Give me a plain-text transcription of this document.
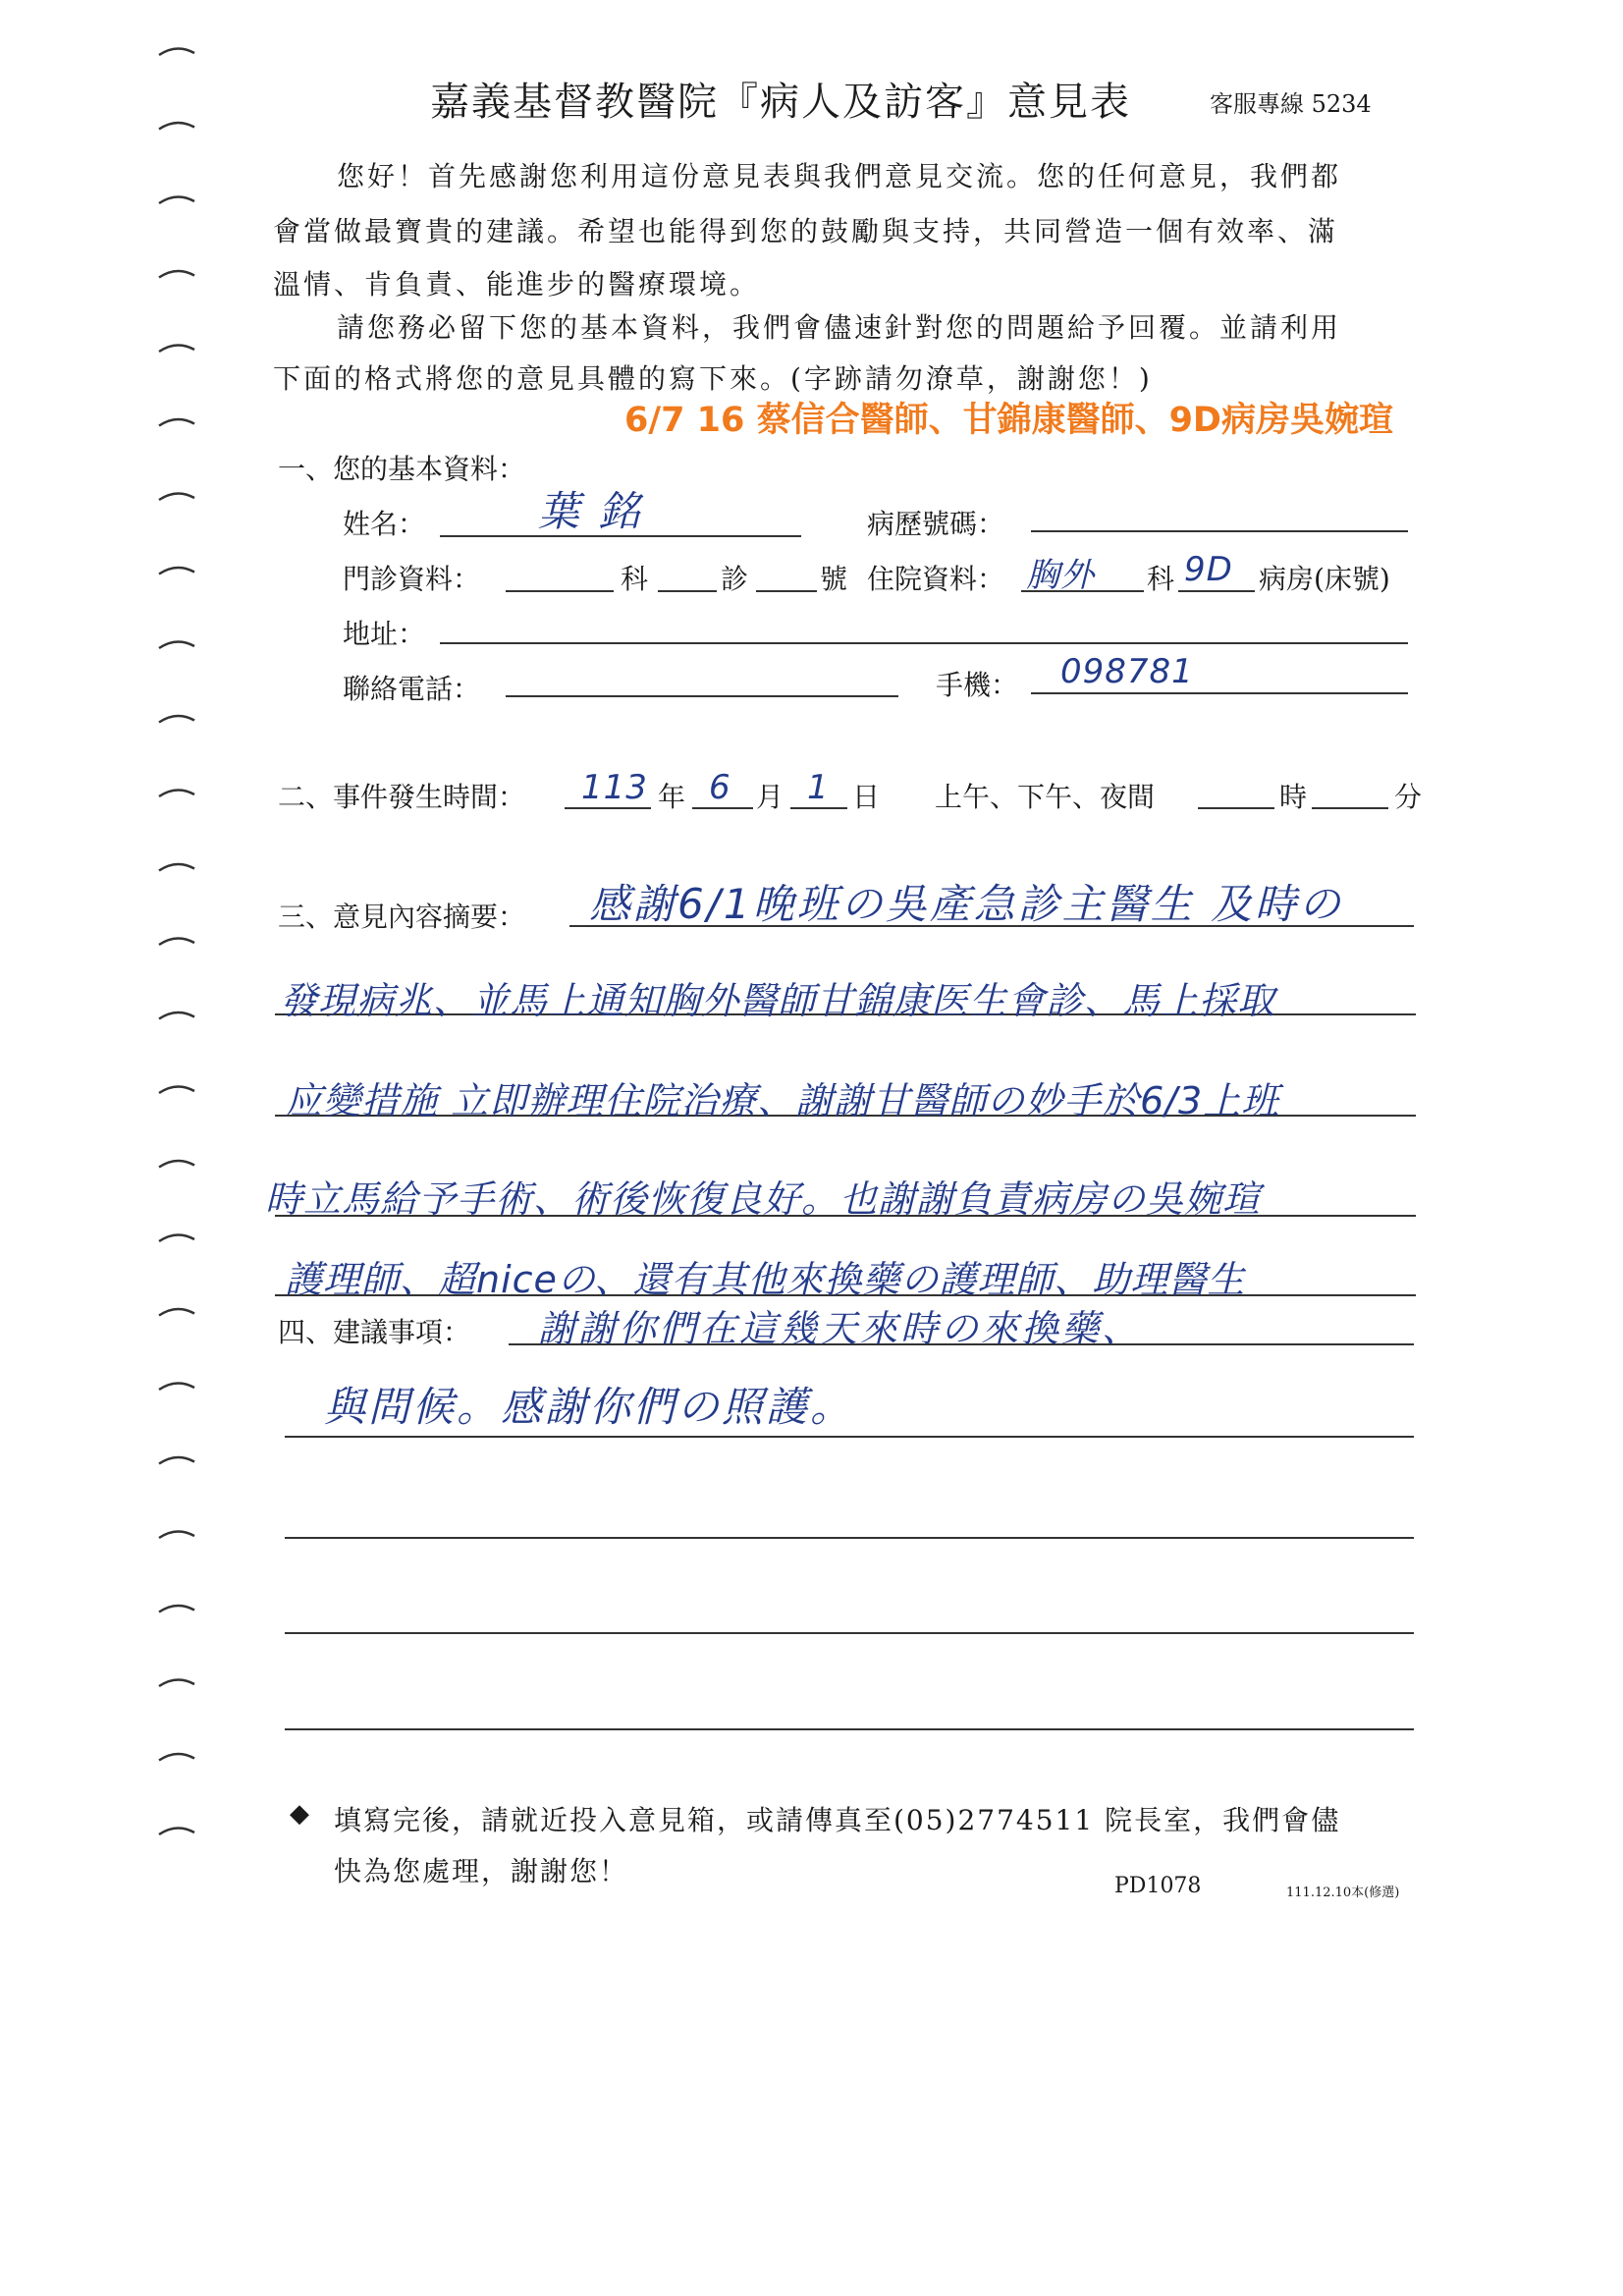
嘉義基督教醫院『病人及訪客』意見表	客服專線 5234
您好！首先感謝您利用這份意見表與我們意見交流。您的任何意見，我們都
會當做最寶貴的建議。希望也能得到您的鼓勵與支持，共同營造一個有效率、滿
溫情、肯負責、能進步的醫療環境。
請您務必留下您的基本資料，我們會儘速針對您的問題給予回覆。並請利用
下面的格式將您的意見具體的寫下來。(字跡請勿潦草，謝謝您！)
6/7 16 蔡信合醫師、甘錦康醫師、9D病房吳婉瑄
一、您的基本資料：
姓名：	葉 銘	病歷號碼：
門診資料：	科	診	號 住院資料： 胸外 科 9D 病房(床號)
地址：
聯絡電話：	手機： 098781
二、事件發生時間： 113 年 6 月 1 日 上午、下午、夜間	時	分
三、意見內容摘要： 感謝6/1晚班の吳產急診主醫生 及時の
發現病兆、並馬上通知胸外醫師甘錦康医生會診、馬上採取
应變措施 立即辦理住院治療、謝謝甘醫師の妙手於6/3上班
時立馬給予手術、術後恢復良好。也謝謝負責病房の吳婉瑄
護理師、超niceの、還有其他來換藥の護理師、助理醫生
四、建議事項： 謝謝你們在這幾天來時の來換藥、
與問候。感謝你們の照護。
◆ 填寫完後，請就近投入意見箱，或請傳真至(05)2774511 院長室，我們會儘
快為您處理，謝謝您！	PD1078	111.12.10本(修選)
